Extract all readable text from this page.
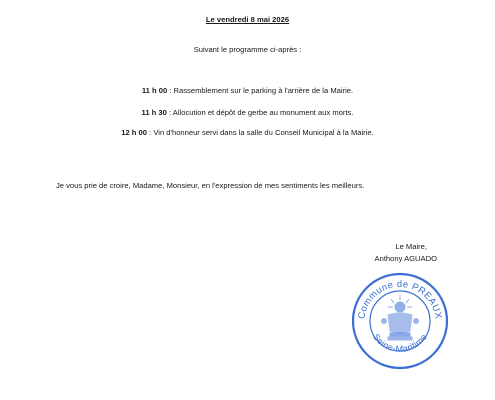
Le vendredi 8 mai 2026
Suivant le programme ci-après :
11 h 00 : Rassemblement sur le parking à l'arrière de la Mairie.
11 h 30 : Allocution et dépôt de gerbe au monument aux morts.
12 h 00 : Vin d'honneur servi dans la salle du Conseil Municipal à la Mairie.
Je vous prie de croire, Madame, Monsieur, en l'expression de mes sentiments les meilleurs.
Le Maire,
Anthony AGUADO
Commune de PREAUX
Seine-Maritime
